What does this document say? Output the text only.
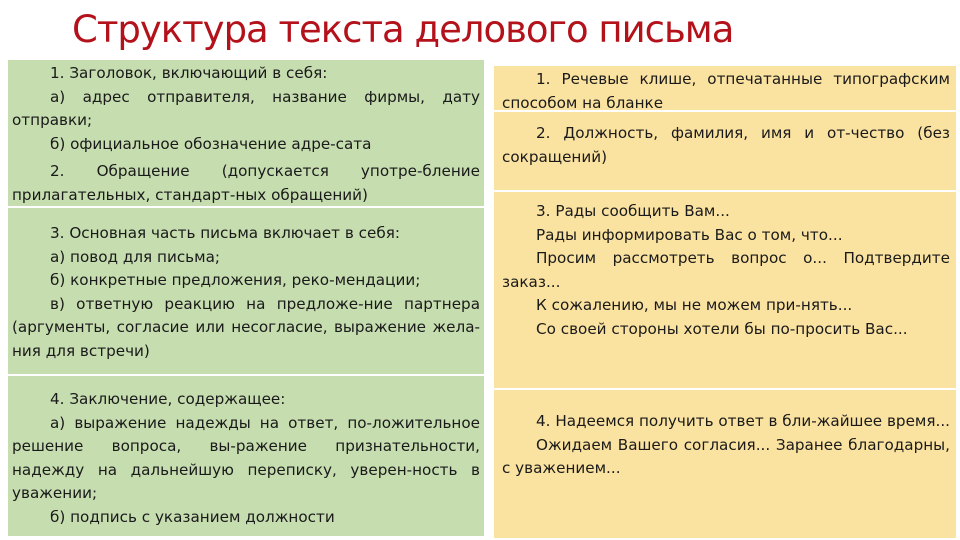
Структура текста делового письма

1. Заголовок, включающий в себя:

а) адрес отправителя, название фирмы, дату отправки;

б) официальное обозначение адре-сата

2. Обращение (допускается употре-бление прилагательных, стандарт-ных обращений)

3. Основная часть письма включает в себя:

а) повод для письма;

б) конкретные предложения, реко-мендации;

в) ответную реакцию на предложе-ние партнера (аргументы, согласие или несогласие, выражение жела-ния для встречи)

4. Заключение, содержащее:

а) выражение надежды на ответ, по-ложительное решение вопроса, вы-ражение признательности, надежду на дальнейшую переписку, уверен-ность в уважении;

б) подпись с указанием должности

1. Речевые клише, отпечатанные типографским способом на бланке

2. Должность, фамилия, имя и от-чество (без сокращений)

3. Рады сообщить Вам...

Рады информировать Вас о том, что...

Просим рассмотреть вопрос о... Подтвердите заказ...

К сожалению, мы не можем при-нять...

Со своей стороны хотели бы по-просить Вас...

4. Надеемся получить ответ в бли-жайшее время...

Ожидаем Вашего согласия... Заранее благодарны, с уважением...
